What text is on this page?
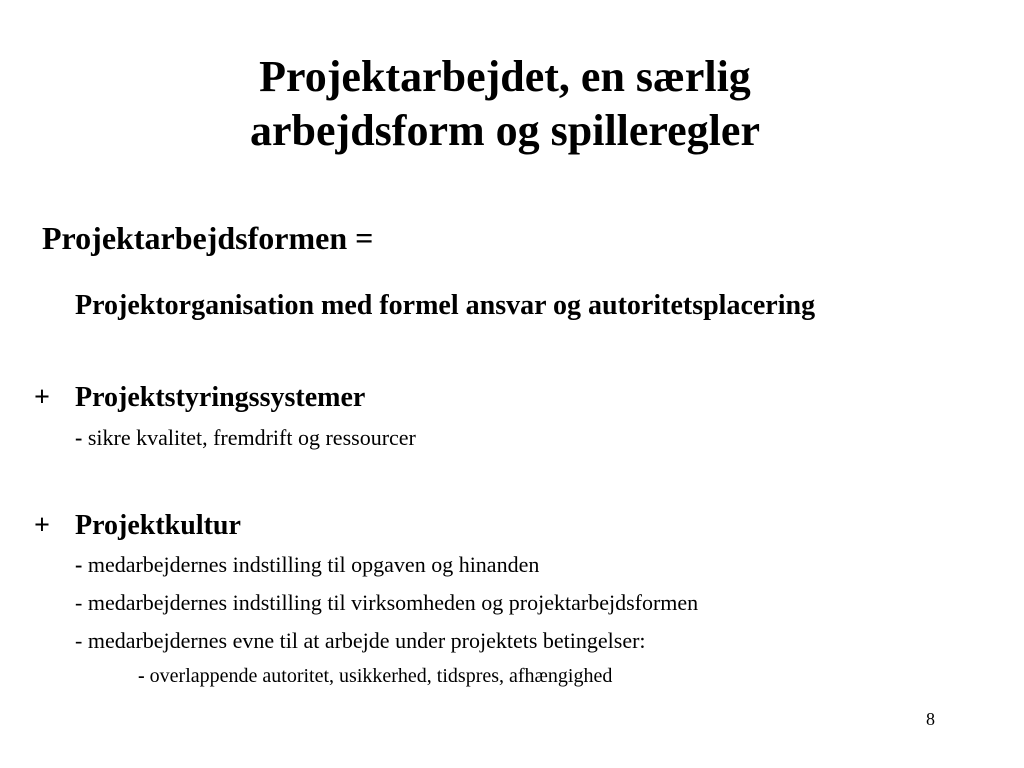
Projektarbejdet, en særlig
arbejdsform og spilleregler
Projektarbejdsformen =
Projektorganisation med formel ansvar og autoritetsplacering
+ Projektstyringssystemer
- sikre kvalitet, fremdrift og ressourcer
+ Projektkultur
- medarbejdernes indstilling til opgaven og hinanden
- medarbejdernes indstilling til virksomheden og projektarbejdsformen
- medarbejdernes evne til at arbejde under projektets betingelser:
- overlappende autoritet, usikkerhed, tidspres, afhængighed
8
